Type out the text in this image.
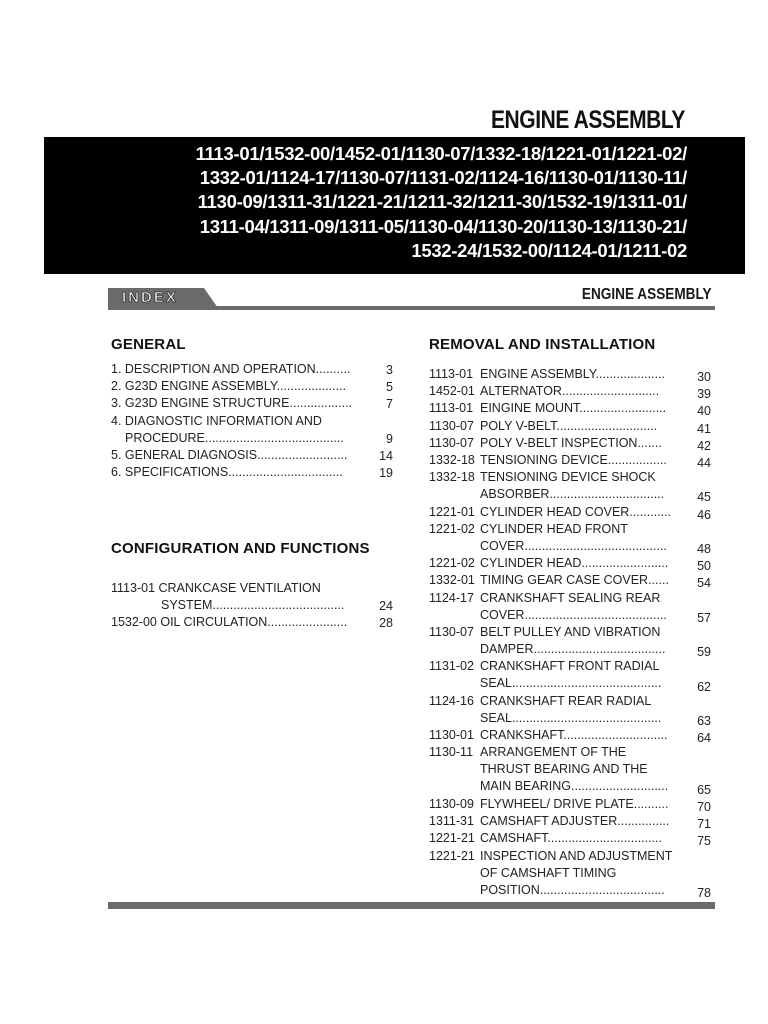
ENGINE ASSEMBLY
1113-01/1532-00/1452-01/1130-07/1332-18/1221-01/1221-02/
1332-01/1124-17/1130-07/1131-02/1124-16/1130-01/1130-11/
1130-09/1311-31/1221-21/1211-32/1211-30/1532-19/1311-01/
1311-04/1311-09/1311-05/1130-04/1130-20/1130-13/1130-21/
1532-24/1532-00/1124-01/1211-02
INDEX	ENGINE ASSEMBLY
GENERAL
1. DESCRIPTION AND OPERATION..........	3
2. G23D ENGINE ASSEMBLY....................	5
3. G23D ENGINE STRUCTURE..................	7
4. DIAGNOSTIC INFORMATION AND
PROCEDURE........................................	9
5. GENERAL DIAGNOSIS..........................	14
6. SPECIFICATIONS.................................	19
CONFIGURATION AND FUNCTIONS
1113-01 CRANKCASE VENTILATION
SYSTEM......................................	24
1532-00 OIL CIRCULATION.......................	28
REMOVAL AND INSTALLATION
1113-01 ENGINE ASSEMBLY....................	30
1452-01 ALTERNATOR............................	39
1113-01 EINGINE MOUNT.........................	40
1130-07 POLY V-BELT.............................	41
1130-07 POLY V-BELT INSPECTION.......	42
1332-18 TENSIONING DEVICE.................	44
1332-18 TENSIONING DEVICE SHOCK
ABSORBER.................................	45
1221-01 CYLINDER HEAD COVER............	46
1221-02 CYLINDER HEAD FRONT
COVER.........................................	48
1221-02 CYLINDER HEAD.........................	50
1332-01 TIMING GEAR CASE COVER......	54
1124-17 CRANKSHAFT SEALING REAR
COVER.........................................	57
1130-07 BELT PULLEY AND VIBRATION
DAMPER......................................	59
1131-02 CRANKSHAFT FRONT RADIAL
SEAL...........................................	62
1124-16 CRANKSHAFT REAR RADIAL
SEAL...........................................	63
1130-01 CRANKSHAFT..............................	64
1130-11 ARRANGEMENT OF THE
THRUST BEARING AND THE
MAIN BEARING............................	65
1130-09 FLYWHEEL/ DRIVE PLATE..........	70
1311-31 CAMSHAFT ADJUSTER...............	71
1221-21 CAMSHAFT.................................	75
1221-21 INSPECTION AND ADJUSTMENT
OF CAMSHAFT TIMING
POSITION....................................	78
